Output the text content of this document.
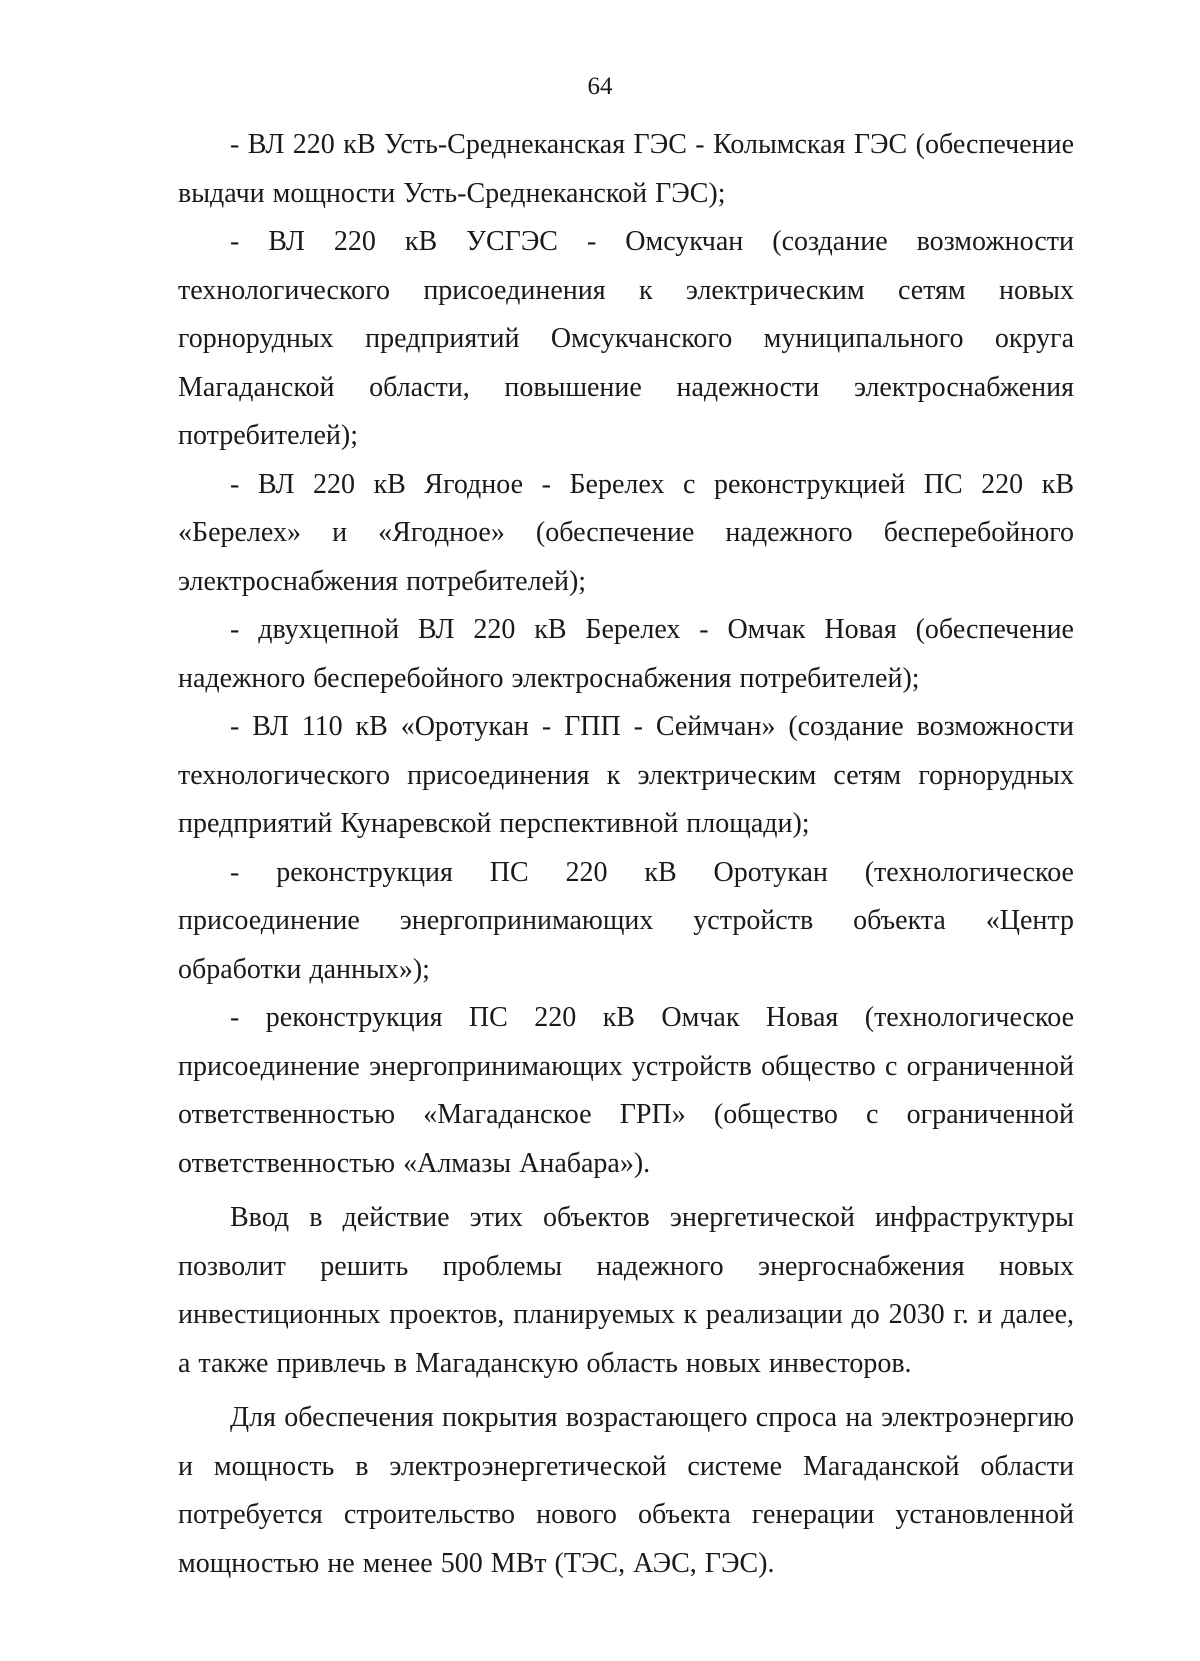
64

- ВЛ 220 кВ Усть-Среднеканская ГЭС - Колымская ГЭС (обеспечение выдачи мощности Усть-Среднеканской ГЭС);

- ВЛ 220 кВ УСГЭС - Омсукчан (создание возможности технологического присоединения к электрическим сетям новых горнорудных предприятий Омсукчанского муниципального округа Магаданской области, повышение надежности электроснабжения потребителей);

- ВЛ 220 кВ Ягодное - Берелех с реконструкцией ПС 220 кВ «Берелех» и «Ягодное» (обеспечение надежного бесперебойного электроснабжения потребителей);

- двухцепной ВЛ 220 кВ Берелех - Омчак Новая (обеспечение надежного бесперебойного электроснабжения потребителей);

- ВЛ 110 кВ «Оротукан - ГПП - Сеймчан» (создание возможности технологического присоединения к электрическим сетям горнорудных предприятий Кунаревской перспективной площади);

- реконструкция ПС 220 кВ Оротукан (технологическое присоединение энергопринимающих устройств объекта «Центр обработки данных»);

- реконструкция ПС 220 кВ Омчак Новая (технологическое присоединение энергопринимающих устройств общество с ограниченной ответственностью «Магаданское ГРП» (общество с ограниченной ответственностью «Алмазы Анабара»).

Ввод в действие этих объектов энергетической инфраструктуры позволит решить проблемы надежного энергоснабжения новых инвестиционных проектов, планируемых к реализации до 2030 г. и далее, а также привлечь в Магаданскую область новых инвесторов.

Для обеспечения покрытия возрастающего спроса на электроэнергию и мощность в электроэнергетической системе Магаданской области потребуется строительство нового объекта генерации установленной мощностью не менее 500 МВт (ТЭС, АЭС, ГЭС).
